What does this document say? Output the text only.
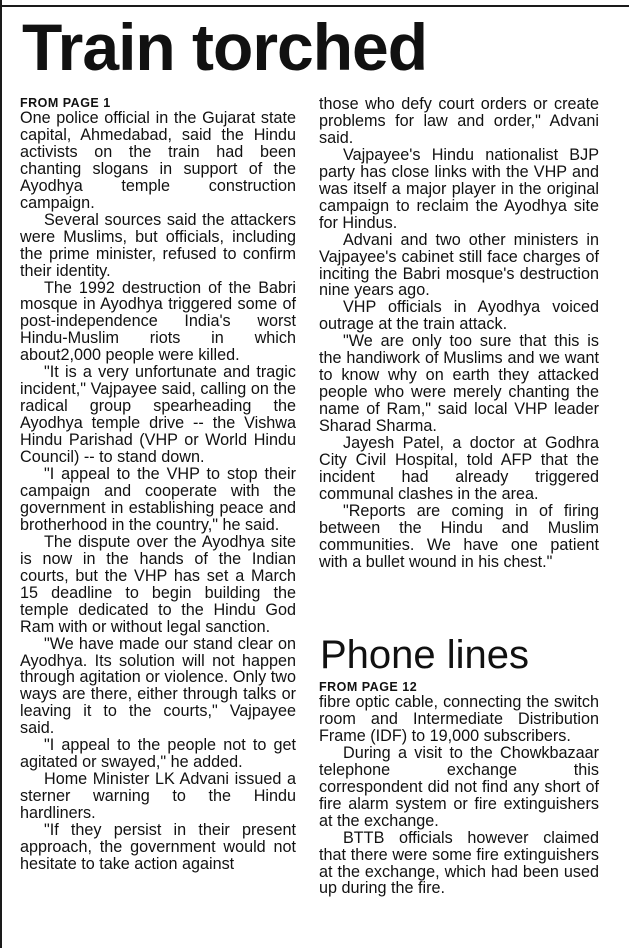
Train torched

FROM PAGE 1
One police official in the Gujarat state capital, Ahmedabad, said the Hindu activists on the train had been chanting slogans in support of the Ayodhya temple construction campaign.

Several sources said the attackers were Muslims, but officials, including the prime minister, refused to confirm their identity.

The 1992 destruction of the Babri mosque in Ayodhya triggered some of post-independence India's worst Hindu-Muslim riots in which about2,000 people were killed.

"It is a very unfortunate and tragic incident," Vajpayee said, calling on the radical group spearheading the Ayodhya temple drive -- the Vishwa Hindu Parishad (VHP or World Hindu Council) -- to stand down.

"I appeal to the VHP to stop their campaign and cooperate with the government in establishing peace and brotherhood in the country," he said.

The dispute over the Ayodhya site is now in the hands of the Indian courts, but the VHP has set a March 15 deadline to begin building the temple dedicated to the Hindu God Ram with or without legal sanction.

"We have made our stand clear on Ayodhya. Its solution will not happen through agitation or violence. Only two ways are there, either through talks or leaving it to the courts," Vajpayee said.

"I appeal to the people not to get agitated or swayed," he added.

Home Minister LK Advani issued a sterner warning to the Hindu hardliners.

"If they persist in their present approach, the government would not hesitate to take action against

those who defy court orders or create problems for law and order," Advani said.

Vajpayee's Hindu nationalist BJP party has close links with the VHP and was itself a major player in the original campaign to reclaim the Ayodhya site for Hindus.

Advani and two other ministers in Vajpayee's cabinet still face charges of inciting the Babri mosque's destruction nine years ago.

VHP officials in Ayodhya voiced outrage at the train attack.

"We are only too sure that this is the handiwork of Muslims and we want to know why on earth they attacked people who were merely chanting the name of Ram," said local VHP leader Sharad Sharma.

Jayesh Patel, a doctor at Godhra City Civil Hospital, told AFP that the incident had already triggered communal clashes in the area.

"Reports are coming in of firing between the Hindu and Muslim communities. We have one patient with a bullet wound in his chest."

Phone lines

FROM PAGE 12
fibre optic cable, connecting the switch room and Intermediate Distribution Frame (IDF) to 19,000 subscribers.

During a visit to the Chowkbazaar telephone exchange this correspondent did not find any short of fire alarm system or fire extinguishers at the exchange.

BTTB officials however claimed that there were some fire extinguishers at the exchange, which had been used up during the fire.
